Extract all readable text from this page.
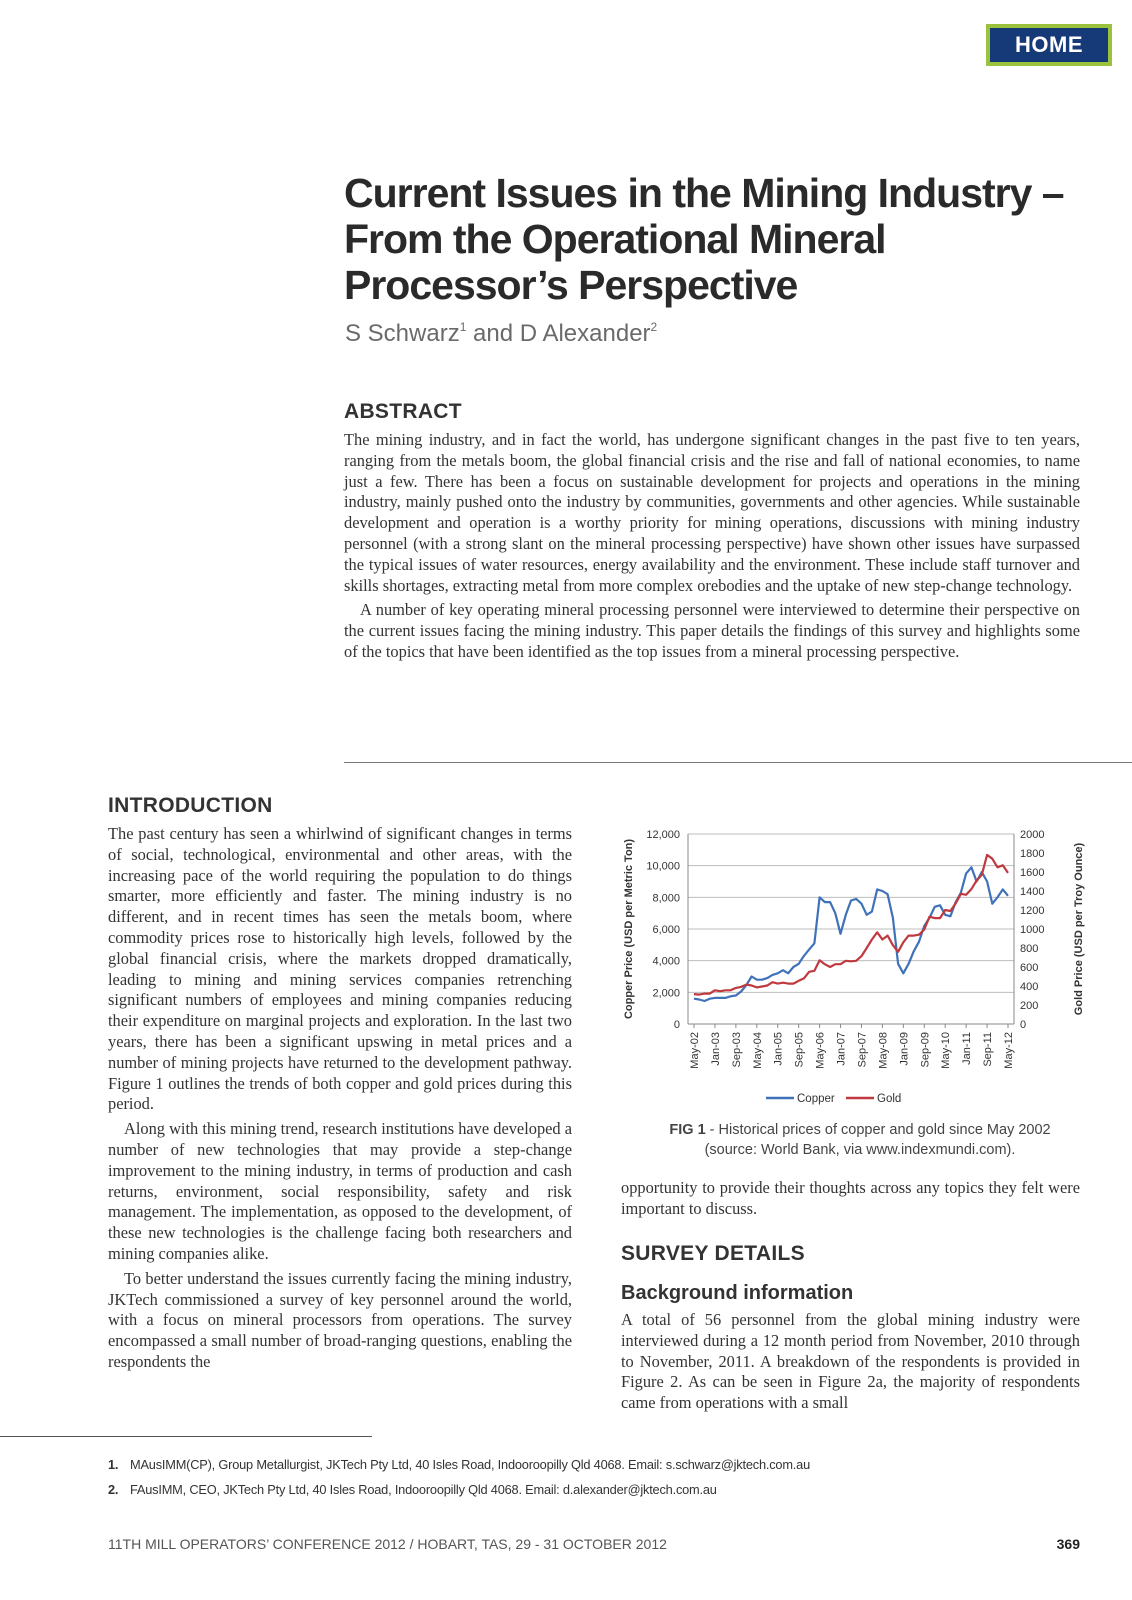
HOME
Current Issues in the Mining Industry –
From the Operational Mineral
Processor’s Perspective

S Schwarz$^1$ and D Alexander$^2$

ABSTRACT

The mining industry, and in fact the world, has undergone significant changes in the past five to ten years, ranging from the metals boom, the global financial crisis and the rise and fall of national economies, to name just a few. There has been a focus on sustainable development for projects and operations in the mining industry, mainly pushed onto the industry by communities, governments and other agencies. While sustainable development and operation is a worthy priority for mining operations, discussions with mining industry personnel (with a strong slant on the mineral processing perspective) have shown other issues have surpassed the typical issues of water resources, energy availability and the environment. These include staff turnover and skills shortages, extracting metal from more complex orebodies and the uptake of new step-change technology.

A number of key operating mineral processing personnel were interviewed to determine their perspective on the current issues facing the mining industry. This paper details the findings of this survey and highlights some of the topics that have been identified as the top issues from a mineral processing perspective.

INTRODUCTION

The past century has seen a whirlwind of significant changes in terms of social, technological, environmental and other areas, with the increasing pace of the world requiring the population to do things smarter, more efficiently and faster. The mining industry is no different, and in recent times has seen the metals boom, where commodity prices rose to historically high levels, followed by the global financial crisis, where the markets dropped dramatically, leading to mining and mining services companies retrenching significant numbers of employees and mining companies reducing their expenditure on marginal projects and exploration. In the last two years, there has been a significant upswing in metal prices and a number of mining projects have returned to the development pathway. Figure 1 outlines the trends of both copper and gold prices during this period.

Along with this mining trend, research institutions have developed a number of new technologies that may provide a step-change improvement to the mining industry, in terms of production and cash returns, environment, social responsibility, safety and risk management. The implementation, as opposed to the development, of these new technologies is the challenge facing both researchers and mining companies alike.

To better understand the issues currently facing the mining industry, JKTech commissioned a survey of key personnel around the world, with a focus on mineral processors from operations. The survey encompassed a small number of broad-ranging questions, enabling the respondents the

0
2,000
4,000
6,000
8,000
10,000
12,000
0
200
400
600
800
1000
1200
1400
1600
1800
2000
May-02 Jan-03 Sep-03 May-04 Jan-05 Sep-05 May-06 Jan-07 Sep-07 May-08 Jan-09 Sep-09 May-10 Jan-11 Sep-11 May-12
Copper Price (USD per Metric Ton)	Gold Price (USD per Troy Ounce)
Copper	Gold
FIG 1 - Historical prices of copper and gold since May 2002
(source: World Bank, via www.indexmundi.com).

opportunity to provide their thoughts across any topics they felt were important to discuss.

SURVEY DETAILS
Background information

A total of 56 personnel from the global mining industry were interviewed during a 12 month period from November, 2010 through to November, 2011. A breakdown of the respondents is provided in Figure 2. As can be seen in Figure 2a, the majority of respondents came from operations with a small

1. MAusIMM(CP), Group Metallurgist, JKTech Pty Ltd, 40 Isles Road, Indooroopilly Qld 4068. Email: s.schwarz@jktech.com.au
2. FAusIMM, CEO, JKTech Pty Ltd, 40 Isles Road, Indooroopilly Qld 4068. Email: d.alexander@jktech.com.au
11TH MILL OPERATORS’ CONFERENCE 2012 / HOBART, TAS, 29 - 31 OCTOBER 2012	369
